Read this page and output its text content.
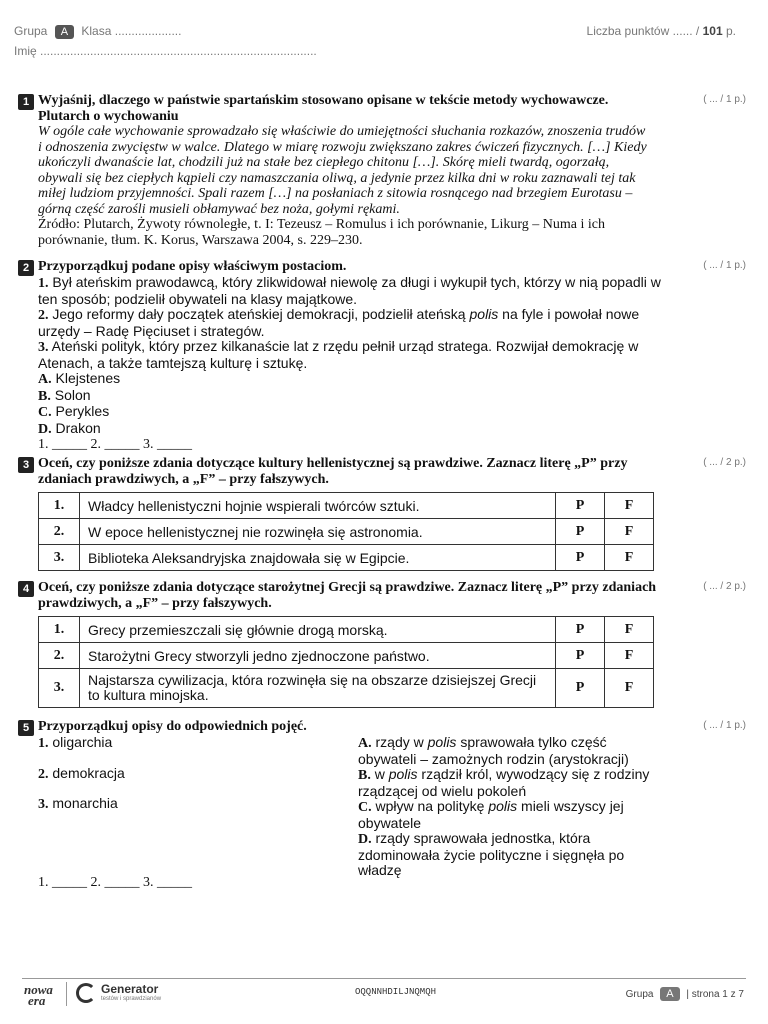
Grupa A Klasa ....................
Imię ...................................................................................
Liczba punktów ...... / 101 p.
1 Wyjaśnij, dlaczego w państwie spartańskim stosowano opisane w tekście metody wychowawcze.	( ... / 1 p.)
Plutarch o wychowaniu
W ogóle całe wychowanie sprowadzało się właściwie do umiejętności słuchania rozkazów, znoszenia trudów
i odnoszenia zwycięstw w walce. Dlatego w miarę rozwoju zwiększano zakres ćwiczeń fizycznych. […] Kiedy
ukończyli dwanaście lat, chodzili już na stałe bez ciepłego chitonu […]. Skórę mieli twardą, ogorzałą,
obywali się bez ciepłych kąpieli czy namaszczania oliwą, a jedynie przez kilka dni w roku zaznawali tej tak
miłej ludziom przyjemności. Spali razem […] na posłaniach z sitowia rosnącego nad brzegiem Eurotasu –
górną część zarośli musieli obłamywać bez noża, gołymi rękami.
Źródło: Plutarch, Żywoty równoległe, t. I: Tezeusz – Romulus i ich porównanie, Likurg – Numa i ich
porównanie, tłum. K. Korus, Warszawa 2004, s. 229–230.
2 Przyporządkuj podane opisy właściwym postaciom.	( ... / 1 p.)
1. Był ateńskim prawodawcą, który zlikwidował niewolę za długi i wykupił tych, którzy w nią popadli w ten sposób; podzielił obywateli na klasy majątkowe.
2. Jego reformy dały początek ateńskiej demokracji, podzielił ateńską polis na fyle i powołał nowe urzędy – Radę Pięciuset i strategów.
3. Ateński polityk, który przez kilkanaście lat z rzędu pełnił urząd stratega. Rozwijał demokrację w Atenach, a także tamtejszą kulturę i sztukę.
A. Klejstenes
B. Solon
C. Perykles
D. Drakon
1. _____ 2. _____ 3. _____
3 Oceń, czy poniższe zdania dotyczące kultury hellenistycznej są prawdziwe. Zaznacz literę „P” przy zdaniach prawdziwych, a „F” – przy fałszywych.
( ... / 2 p.)
1.	Władcy hellenistyczni hojnie wspierali twórców sztuki.	P	F
2.	W epoce hellenistycznej nie rozwinęła się astronomia.	P	F
3.	Biblioteka Aleksandryjska znajdowała się w Egipcie.	P	F
4 Oceń, czy poniższe zdania dotyczące starożytnej Grecji są prawdziwe. Zaznacz literę „P” przy zdaniach prawdziwych, a „F” – przy fałszywych.
( ... / 2 p.)
1.	Grecy przemieszczali się głównie drogą morską.	P	F
2.	Starożytni Grecy stworzyli jedno zjednoczone państwo.	P	F
3.	Najstarsza cywilizacja, która rozwinęła się na obszarze dzisiejszej Grecji to kultura minojska.	P	F
5 Przyporządkuj opisy do odpowiednich pojęć.	( ... / 1 p.)
1. oligarchia
2. demokracja
3. monarchia
A. rządy w polis sprawowała tylko część obywateli – zamożnych rodzin (arystokracji)
B. w polis rządził król, wywodzący się z rodziny rządzącej od wielu pokoleń
C. wpływ na politykę polis mieli wszyscy jej obywatele
D. rządy sprawowała jednostka, która zdominowała życie polityczne i sięgnęła po władzę
1. _____ 2. _____ 3. _____
nowa
era
Generator
testów i sprawdzianów
OQQNNHDILJNQMQH	Grupa A | strona 1 z 7
